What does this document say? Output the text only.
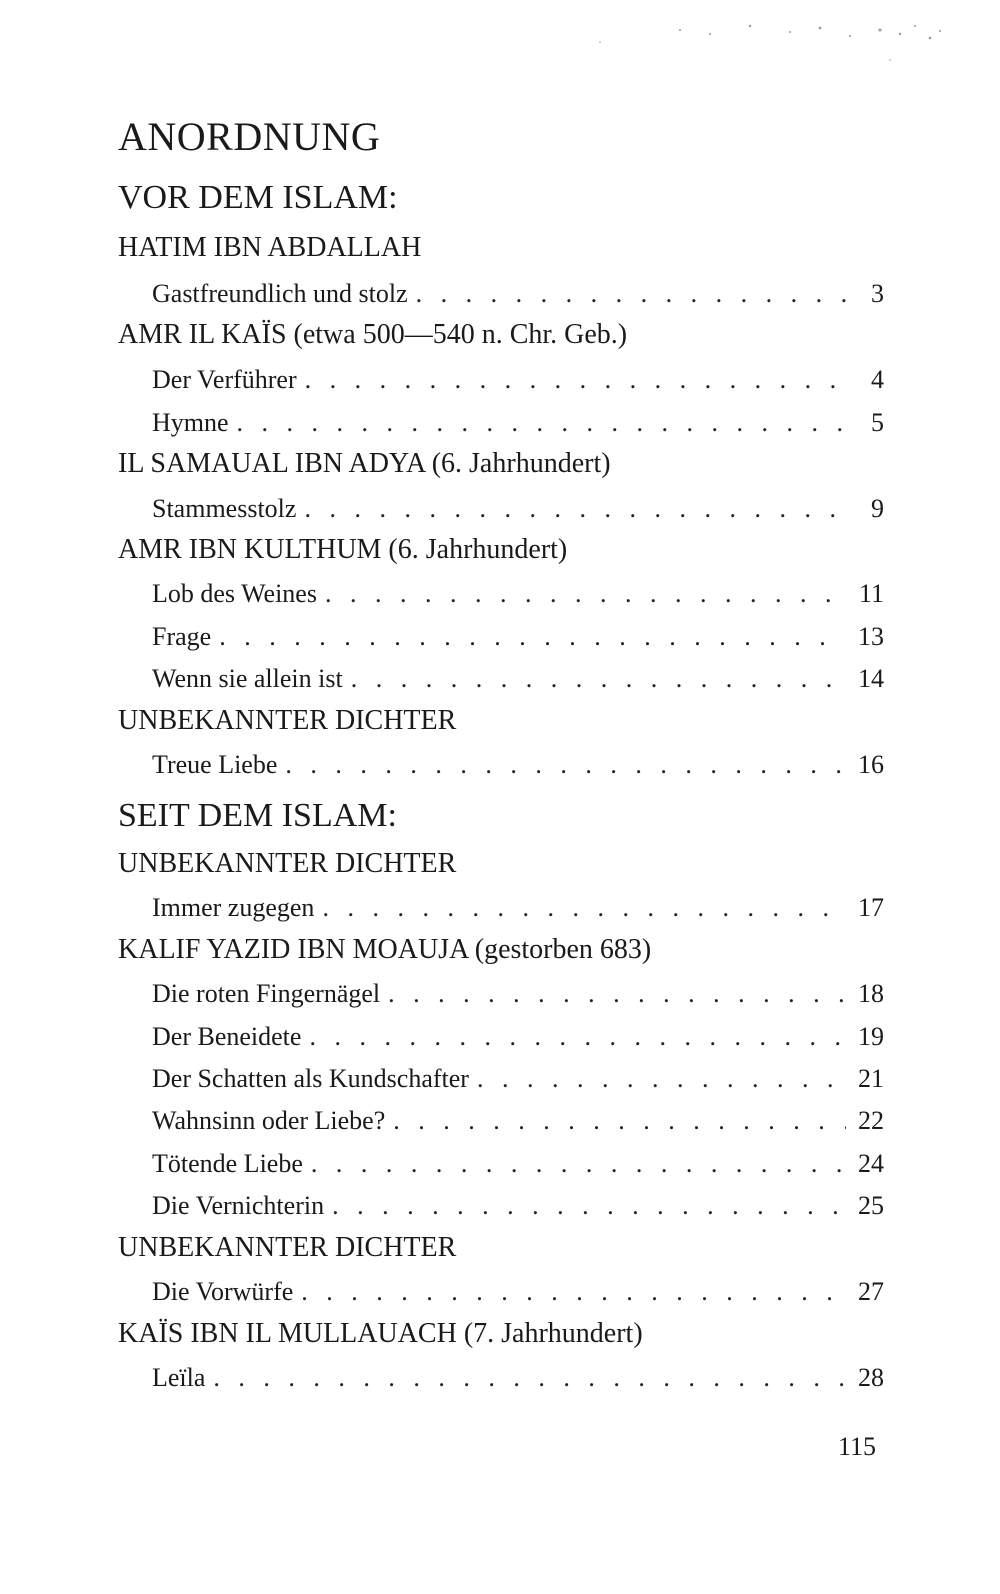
ANORDNUNG
VOR DEM ISLAM:
HATIM IBN ABDALLAH
Gastfreundlich und stolz . . .	3
AMR IL KAÏS (etwa 500—540 n. Chr. Geb.)
Der Verführer . . .	4
Hymne . . .	5
IL SAMAUAL IBN ADYA (6. Jahrhundert)
Stammesstolz . . .	9
AMR IBN KULTHUM (6. Jahrhundert)
Lob des Weines . . .	11
Frage . . .	13
Wenn sie allein ist . . .	14
UNBEKANNTER DICHTER
Treue Liebe . . .	16
SEIT DEM ISLAM:
UNBEKANNTER DICHTER
Immer zugegen . . .	17
KALIF YAZID IBN MOAUJA (gestorben 683)
Die roten Fingernägel . . .	18
Der Beneidete . . .	19
Der Schatten als Kundschafter . . .	21
Wahnsinn oder Liebe? . . .	22
Tötende Liebe . . .	24
Die Vernichterin . . .	25
UNBEKANNTER DICHTER
Die Vorwürfe . . .	27
KAÏS IBN IL MULLAUACH (7. Jahrhundert)
Leïla . . .	28
115
